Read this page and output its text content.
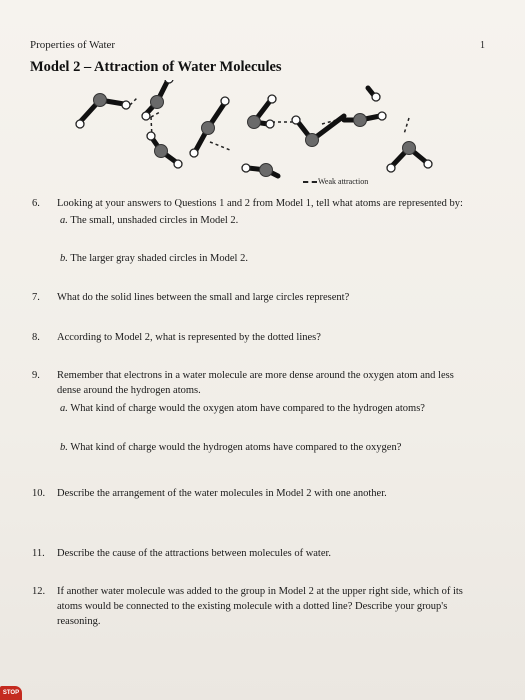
Properties of Water	1
Model 2 – Attraction of Water Molecules
Weak attraction
6. Looking at your answers to Questions 1 and 2 from Model 1, tell what atoms are represented by:
a. The small, unshaded circles in Model 2.
b. The larger gray shaded circles in Model 2.
7. What do the solid lines between the small and large circles represent?
8. According to Model 2, what is represented by the dotted lines?
9. Remember that electrons in a water molecule are more dense around the oxygen atom and less
dense around the hydrogen atoms.
a. What kind of charge would the oxygen atom have compared to the hydrogen atoms?
b. What kind of charge would the hydrogen atoms have compared to the oxygen?
10. Describe the arrangement of the water molecules in Model 2 with one another.
11. Describe the cause of the attractions between molecules of water.
12. If another water molecule was added to the group in Model 2 at the upper right side, which of its
atoms would be connected to the existing molecule with a dotted line? Describe your group's
reasoning.
STOP
